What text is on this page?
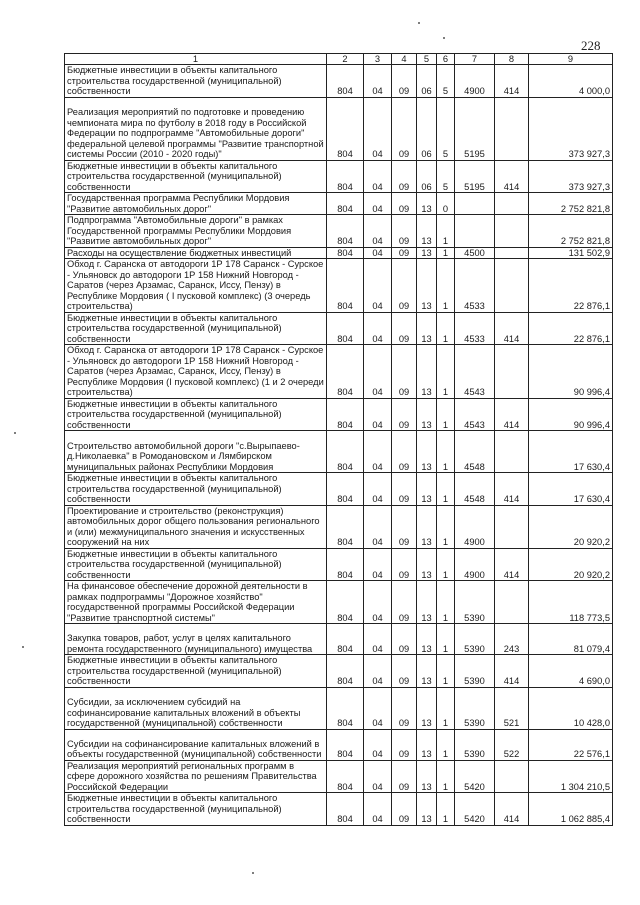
228
1	2	3	4	5	6	7	8	9
Бюджетные инвестиции в объекты капитального строительства государственной (муниципальной) собственности	804	04	09	06	5	4900	414	4 000,0
Реализация мероприятий по подготовке и проведению чемпионата мира по футболу в 2018 году в Российской Федерации по подпрограмме "Автомобильные дороги" федеральной целевой программы "Развитие транспортной системы России (2010 - 2020 годы)"	804	04	09	06	5	5195		373 927,3
Бюджетные инвестиции в объекты капитального строительства государственной (муниципальной) собственности	804	04	09	06	5	5195	414	373 927,3
Государственная программа Республики Мордовия "Развитие автомобильных дорог"	804	04	09	13	0			2 752 821,8
Подпрограмма "Автомобильные дороги" в рамках Государственной программы Республики Мордовия "Развитие автомобильных дорог"	804	04	09	13	1			2 752 821,8
Расходы на осуществление бюджетных инвестиций	804	04	09	13	1	4500		131 502,9
Обход г. Саранска от автодороги 1Р 178 Саранск - Сурское - Ульяновск до автодороги 1Р 158 Нижний Новгород - Саратов (через Арзамас, Саранск, Иссу, Пензу) в Республике Мордовия ( I пусковой комплекс) (3 очередь строительства)	804	04	09	13	1	4533		22 876,1
Бюджетные инвестиции в объекты капитального строительства государственной (муниципальной) собственности	804	04	09	13	1	4533	414	22 876,1
Обход г. Саранска от автодороги 1Р 178 Саранск - Сурское - Ульяновск до автодороги 1Р 158 Нижний Новгород - Саратов (через Арзамас, Саранск, Иссу, Пензу) в Республике Мордовия (I пусковой комплекс) (1 и 2 очереди строительства)	804	04	09	13	1	4543		90 996,4
Бюджетные инвестиции в объекты капитального строительства государственной (муниципальной) собственности	804	04	09	13	1	4543	414	90 996,4
Строительство автомобильной дороги "с.Вырыпаево-д.Николаевка" в Ромодановском и Лямбирском муниципальных районах Республики Мордовия	804	04	09	13	1	4548		17 630,4
Бюджетные инвестиции в объекты капитального строительства государственной (муниципальной) собственности	804	04	09	13	1	4548	414	17 630,4
Проектирование и строительство (реконструкция) автомобильных дорог общего пользования регионального и (или) межмуниципального значения и искусственных сооружений на них	804	04	09	13	1	4900		20 920,2
Бюджетные инвестиции в объекты капитального строительства государственной (муниципальной) собственности	804	04	09	13	1	4900	414	20 920,2
На финансовое обеспечение дорожной деятельности в рамках подпрограммы "Дорожное хозяйство" государственной программы Российской Федерации "Развитие транспортной системы"	804	04	09	13	1	5390		118 773,5
Закупка товаров, работ, услуг в целях капитального ремонта государственного (муниципального) имущества	804	04	09	13	1	5390	243	81 079,4
Бюджетные инвестиции в объекты капитального строительства государственной (муниципальной) собственности	804	04	09	13	1	5390	414	4 690,0
Субсидии, за исключением субсидий на софинансирование капитальных вложений в объекты государственной (муниципальной) собственности	804	04	09	13	1	5390	521	10 428,0
Субсидии на софинансирование капитальных вложений в объекты государственной (муниципальной) собственности	804	04	09	13	1	5390	522	22 576,1
Реализация мероприятий региональных программ в сфере дорожного хозяйства по решениям Правительства Российской Федерации	804	04	09	13	1	5420		1 304 210,5
Бюджетные инвестиции в объекты капитального строительства государственной (муниципальной) собственности	804	04	09	13	1	5420	414	1 062 885,4
